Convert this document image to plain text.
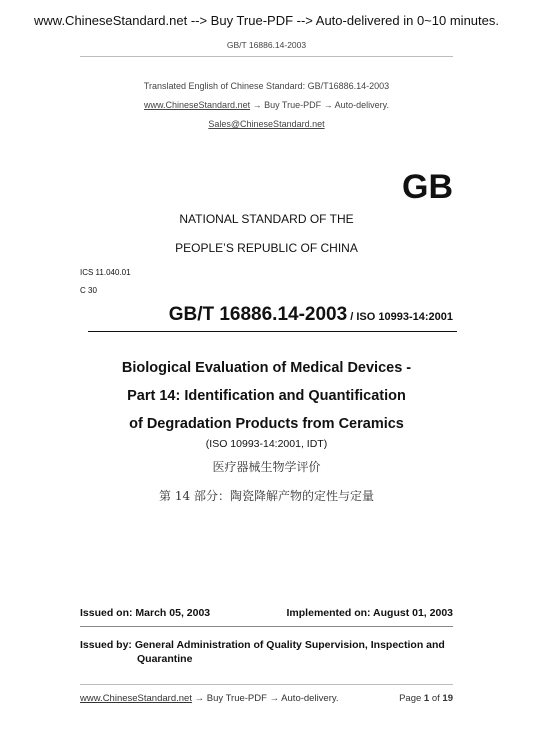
www.ChineseStandard.net --> Buy True-PDF --> Auto-delivered in 0~10 minutes.
GB/T 16886.14-2003
Translated English of Chinese Standard: GB/T16886.14-2003
www.ChineseStandard.net → Buy True-PDF → Auto-delivery.
Sales@ChineseStandard.net
GB
NATIONAL STANDARD OF THE
PEOPLE’S REPUBLIC OF CHINA
ICS 11.040.01
C 30
GB/T 16886.14-2003 / ISO 10993-14:2001
Biological Evaluation of Medical Devices -
Part 14: Identification and Quantification
of Degradation Products from Ceramics
(ISO 10993-14:2001, IDT)
医疗器械生物学评价
第 14 部分：陶瓷降解产物的定性与定量
Issued on: March 05, 2003	Implemented on: August 01, 2003
Issued by: General Administration of Quality Supervision, Inspection and
Quarantine
www.ChineseStandard.net → Buy True-PDF → Auto-delivery.	Page 1 of 19
